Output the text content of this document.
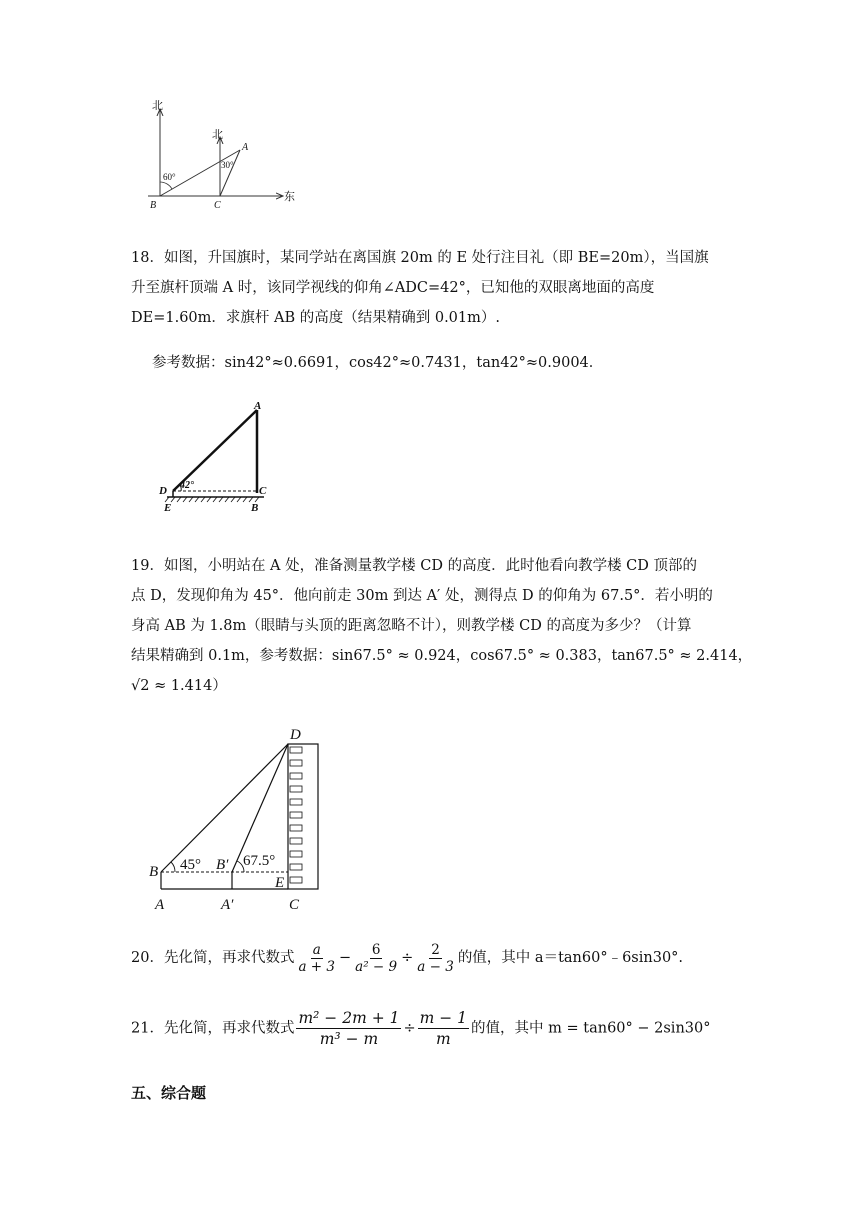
北
北
60°
30°
A
B	C
东
18．如图，升国旗时，某同学站在离国旗 20m 的 E 处行注目礼（即 BE=20m），当国旗
升至旗杆顶端 A 时，该同学视线的仰角∠ADC=42°，已知他的双眼离地面的高度
DE=1.60m．求旗杆 AB 的高度（结果精确到 0.01m）.
参考数据：sin42°≈0.6691，cos42°≈0.7431，tan42°≈0.9004．
A
D 42°	C
E	B
19．如图，小明站在 A 处，准备测量教学楼 CD 的高度．此时他看向教学楼 CD 顶部的
点 D，发现仰角为 45°．他向前走 30m 到达 A′ 处，测得点 D 的仰角为 67.5°．若小明的
身高 AB 为 1.8m（眼睛与头顶的距离忽略不计），则教学楼 CD 的高度为多少？（计算
结果精确到 0.1m，参考数据：sin67.5° ≈ 0.924，cos67.5° ≈ 0.383，tan67.5° ≈ 2.414，
√2 ≈ 1.414）
D
B 45° B′ 67.5°
E
A	A′	C
20．先化简，再求代数式 $\frac{a}{a + 3} - \frac{6}{\text{a² − 9}} \div \frac{2}{a - 3}$ 的值，其中 a＝tan60°﹣6sin30°.
21．先化简，再求代数式 $\frac{\text{m² − 2m + 1}}{\text{m³ − m}} \div \frac{m - 1}{m}$ 的值，其中 m = tan60° − 2sin30°
五、综合题
